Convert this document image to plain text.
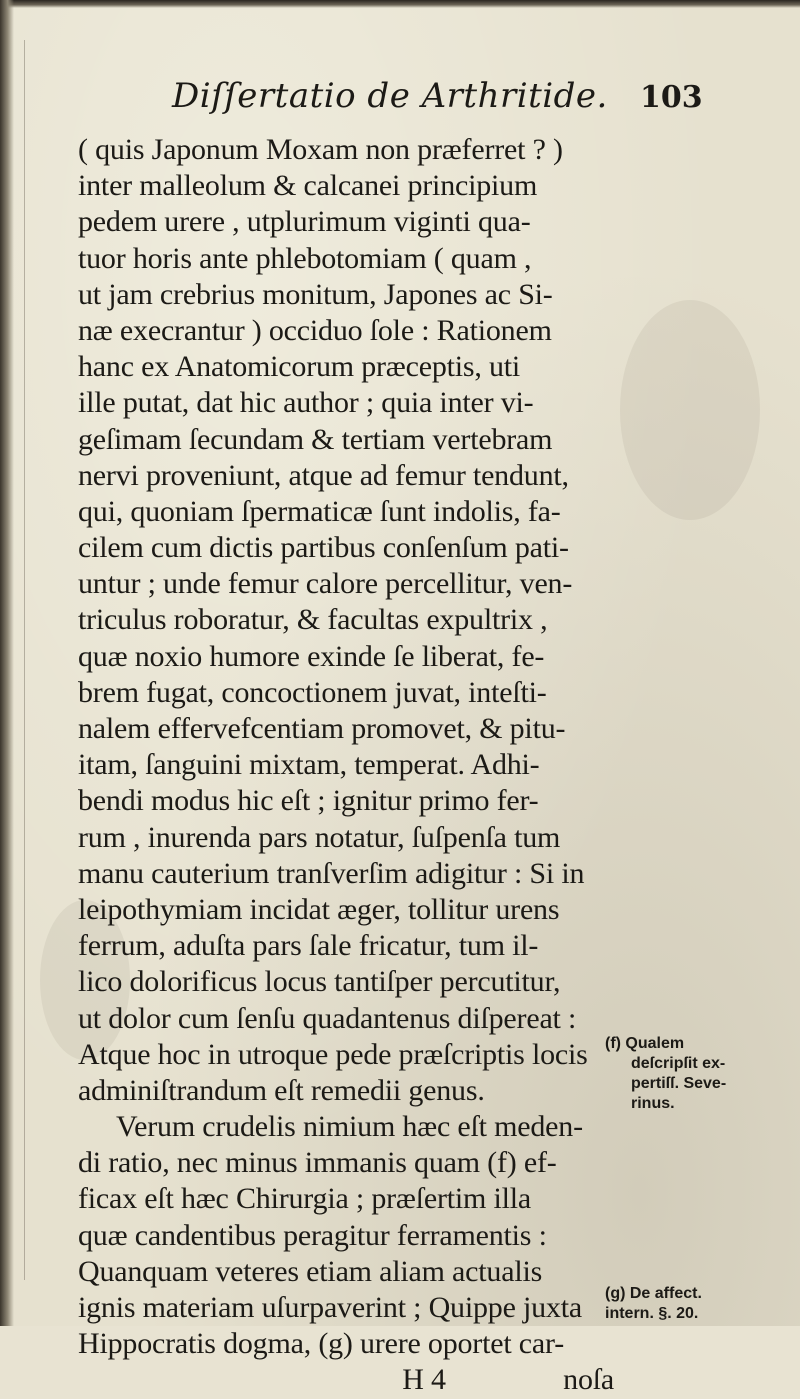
Diſſertatio de Arthritide. 103
( quis Japonum Moxam non præferret ? )
inter malleolum & calcanei principium
pedem urere , utplurimum viginti qua-
tuor horis ante phlebotomiam ( quam ,
ut jam crebrius monitum, Japones ac Si-
næ execrantur ) occiduo ſole : Rationem
hanc ex Anatomicorum præceptis, uti
ille putat, dat hic author ; quia inter vi-
geſimam ſecundam & tertiam vertebram
nervi proveniunt, atque ad femur tendunt,
qui, quoniam ſpermaticæ ſunt indolis, fa-
cilem cum dictis partibus conſenſum pati-
untur ; unde femur calore percellitur, ven-
triculus roboratur, & facultas expultrix ,
quæ noxio humore exinde ſe liberat, fe-
brem fugat, concoctionem juvat, inteſti-
nalem effervefcentiam promovet, & pitu-
itam, ſanguini mixtam, temperat. Adhi-
bendi modus hic eſt ; ignitur primo fer-
rum , inurenda pars notatur, ſuſpenſa tum
manu cauterium tranſverſim adigitur : Si in
leipothymiam incidat æger, tollitur urens
ferrum, aduſta pars ſale fricatur, tum il-
lico dolorificus locus tantiſper percutitur,
ut dolor cum ſenſu quadantenus diſpereat :
Atque hoc in utroque pede præſcriptis locis
adminiſtrandum eſt remedii genus.
Verum crudelis nimium hæc eſt meden-
di ratio, nec minus immanis quam (f) ef-
ficax eſt hæc Chirurgia ; præſertim illa
quæ candentibus peragitur ferramentis :
Quanquam veteres etiam aliam actualis
ignis materiam uſurpaverint ; Quippe juxta
Hippocratis dogma, (g) urere oportet car-
H 4	noſa
(f) Qualem

deſcripſit ex-
pertiſſ. Seve-
rinus.
(g) De affect.
intern. §. 20.
